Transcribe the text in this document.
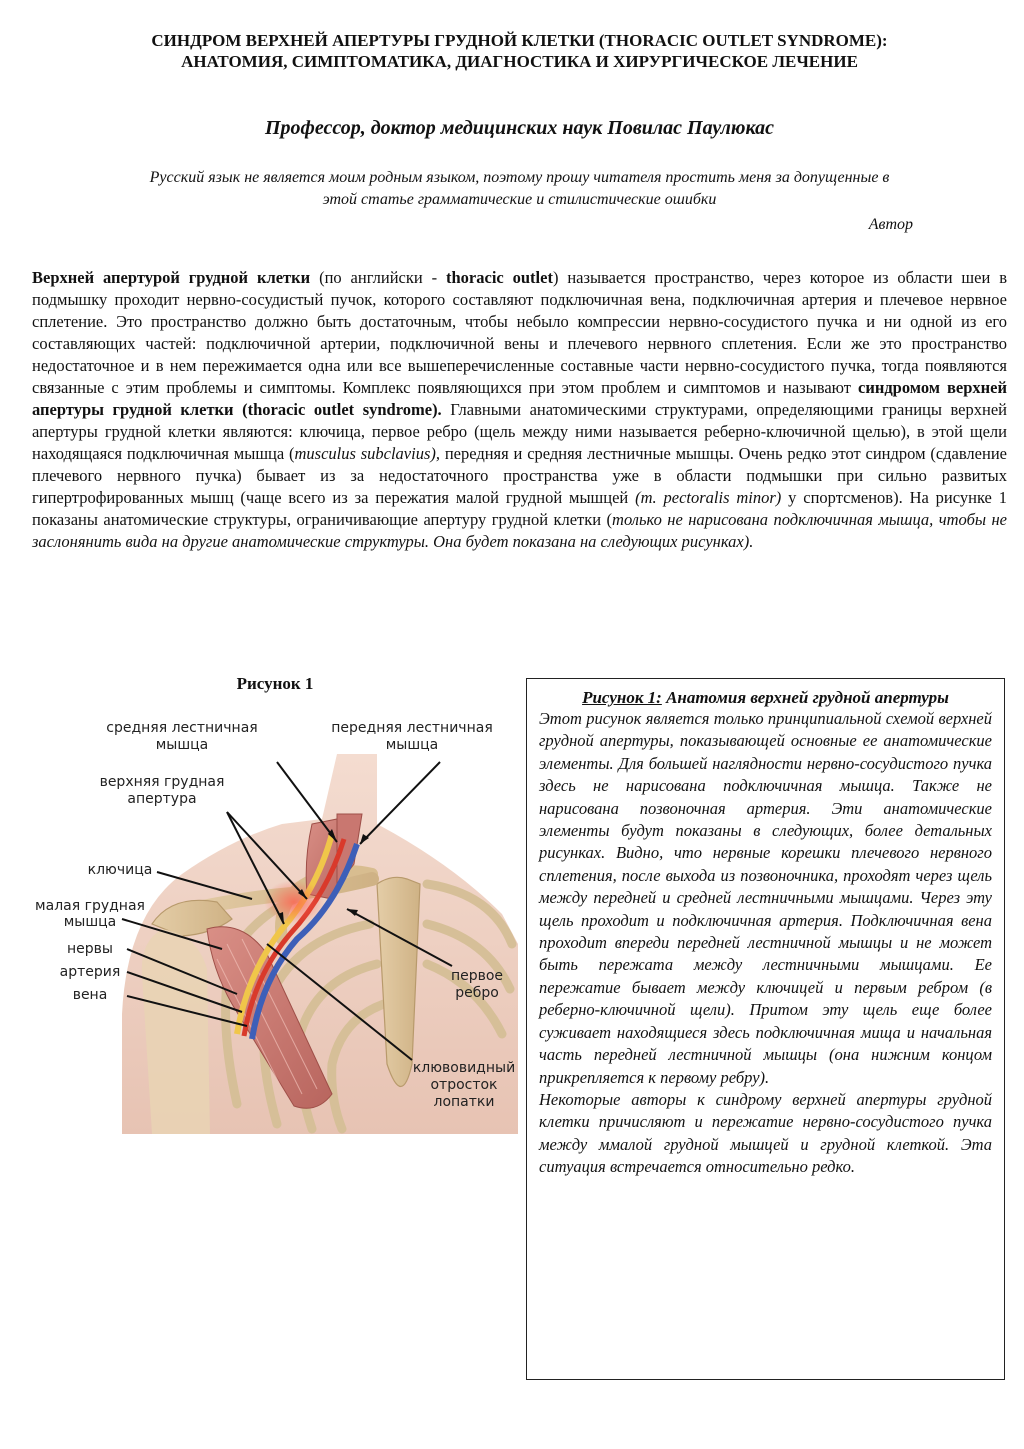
СИНДРОМ ВЕРХНЕЙ АПЕРТУРЫ ГРУДНОЙ КЛЕТКИ (THORACIC OUTLET SYNDROME):
АНАТОМИЯ, СИМПТОМАТИКА, ДИАГНОСТИКА И ХИРУРГИЧЕСКОЕ ЛЕЧЕНИЕ

Профессор, доктор медицинских наук Повилас Паулюкас
Русский язык не является моим родным языком, поэтому прошу читателя простить меня за допущенные в
этой статье грамматические и стилистические ошибки
Автор

Верхней апертурой грудной клетки (по английски - thoracic outlet) называется пространство, через которое из области шеи в подмышку проходит нервно-сосудистый пучок, которого составляют подключичная вена, подключичная артерия и плечевое нервное сплетение. Это пространство должно быть достаточным, чтобы небыло компрессии нервно-сосудистого пучка и ни одной из его составляющих частей: подключичной артерии, подключичной вены и плечевого нервного сплетения. Если же это пространство недостаточное и в нем пережимается одна или все вышеперечисленные составные части нервно-сосудистого пучка, тогда появляются связанные с этим проблемы и симптомы. Комплекс появляющихся при этом проблем и симптомов и называют синдромом верхней апертуры грудной клетки (thoracic outlet syndrome). Главными анатомическими структурами, определяющими границы верхней апертуры грудной клетки являются: ключица, первое ребро (щель между ними называется реберно-ключичной щелью), в этой щели находящаяся подключичная мышца (musculus subclavius), передняя и средняя лестничные мышцы. Очень редко этот синдром (сдавление плечевого нервного пучка) бывает из за недостаточного пространства уже в области подмышки при сильно развитых гипертрофированных мышц (чаще всего из за пережатия малой грудной мышцей (m. pectoralis minor) у спортсменов). На рисунке 1 показаны анатомические структуры, ограничивающие апертуру грудной клетки (только не нарисована подключичная мышца, чтобы не заслонянить вида на другие анатомические структуры. Она будет показана на следующих рисунках).

Рисунок 1
средняя лестничная
мышца
передняя лестничная
мышца
верхняя грудная
апертура
ключица
малая грудная
мышца
нервы
артерия
вена
первое
ребро
клювовидный
отросток
лопатки
Рисунок 1: Анатомия верхней грудной апертуры

Этот рисунок является только принципиальной схемой верхней грудной апертуры, показывающей основные ее анатомические элементы. Для большей наглядности нервно-сосудистого пучка здесь не нарисована подключичная мышца. Также не нарисована позвоночная артерия. Эти анатомические элементы будут показаны в следующих, более детальных рисунках. Видно, что нервные корешки плечевого нервного сплетения, после выхода из позвоночника, проходят через щель между передней и средней лестничными мышцами. Через эту щель проходит и подключичная артерия. Подключичная вена проходит впереди передней лестничной мышцы и не может быть пережата между лестничными мышцами. Ее пережатие бывает между ключицей и первым ребром (в реберно-ключичной щели). Притом эту щель еще более суживает находящиеся здесь подключичная мища и начальная часть передней лестничной мышцы (она нижним концом прикрепляется к первому ребру).

Некоторые авторы к синдрому верхней апертуры грудной клетки причисляют и пережатие нервно-сосудистого пучка между ммалой грудной мышцей и грудной клеткой. Эта ситуация встречается относительно редко.
